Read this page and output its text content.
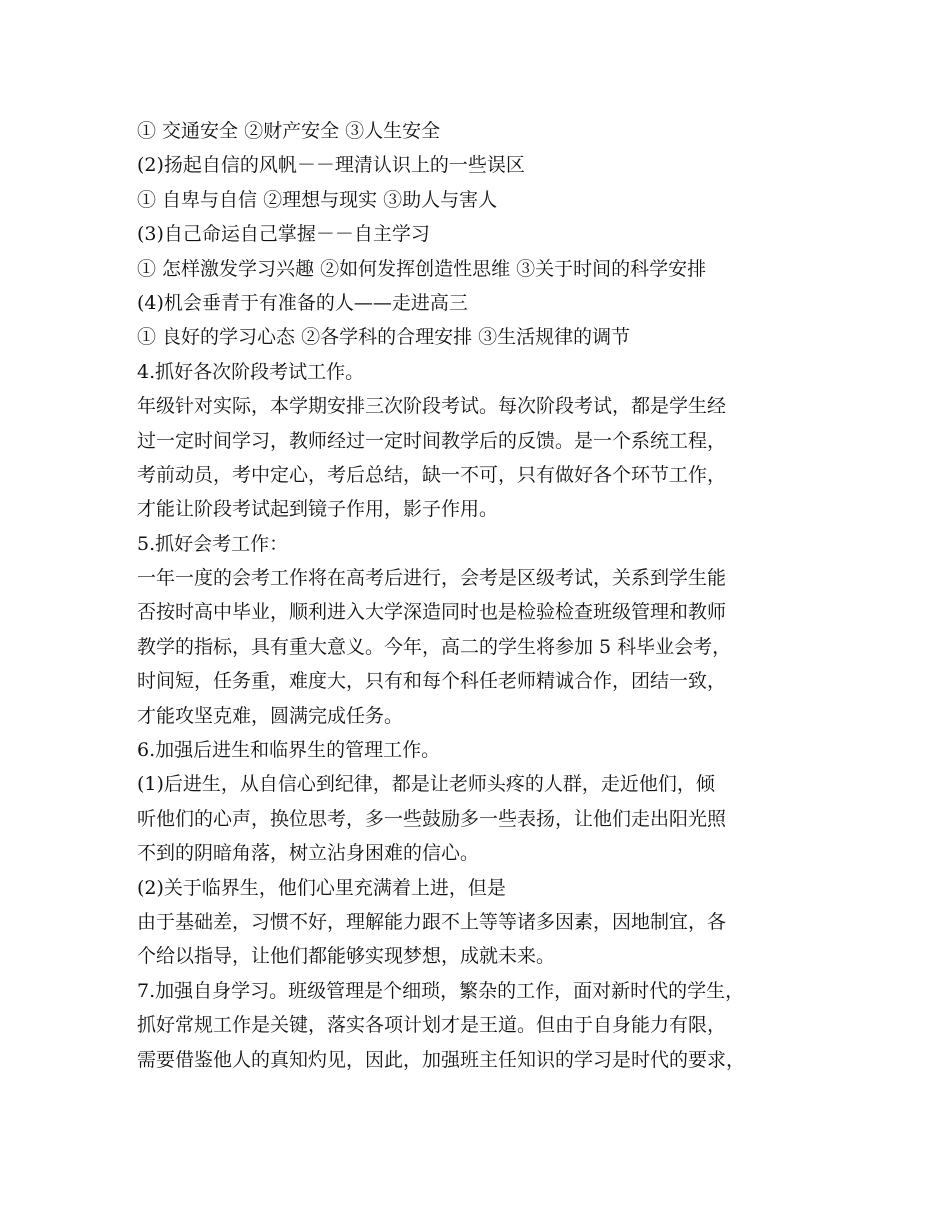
① 交通安全 ②财产安全 ③人生安全
(2)扬起自信的风帆－－理清认识上的一些误区
① 自卑与自信 ②理想与现实 ③助人与害人
(3)自己命运自己掌握－－自主学习
① 怎样激发学习兴趣 ②如何发挥创造性思维 ③关于时间的科学安排
(4)机会垂青于有准备的人——走进高三
① 良好的学习心态 ②各学科的合理安排 ③生活规律的调节
4.抓好各次阶段考试工作。
年级针对实际，本学期安排三次阶段考试。每次阶段考试，都是学生经
过一定时间学习，教师经过一定时间教学后的反馈。是一个系统工程，
考前动员，考中定心，考后总结，缺一不可，只有做好各个环节工作，
才能让阶段考试起到镜子作用，影子作用。
5.抓好会考工作：
一年一度的会考工作将在高考后进行，会考是区级考试，关系到学生能
否按时高中毕业，顺利进入大学深造同时也是检验检查班级管理和教师
教学的指标，具有重大意义。今年，高二的学生将参加 5 科毕业会考，
时间短，任务重，难度大，只有和每个科任老师精诚合作，团结一致，
才能攻坚克难，圆满完成任务。
6.加强后进生和临界生的管理工作。
(1)后进生，从自信心到纪律，都是让老师头疼的人群，走近他们，倾
听他们的心声，换位思考，多一些鼓励多一些表扬，让他们走出阳光照
不到的阴暗角落，树立沾身困难的信心。
(2)关于临界生，他们心里充满着上进，但是
由于基础差，习惯不好，理解能力跟不上等等诸多因素，因地制宜，各
个给以指导，让他们都能够实现梦想，成就未来。
7.加强自身学习。班级管理是个细琐，繁杂的工作，面对新时代的学生，
抓好常规工作是关键，落实各项计划才是王道。但由于自身能力有限，
需要借鉴他人的真知灼见，因此，加强班主任知识的学习是时代的要求，
